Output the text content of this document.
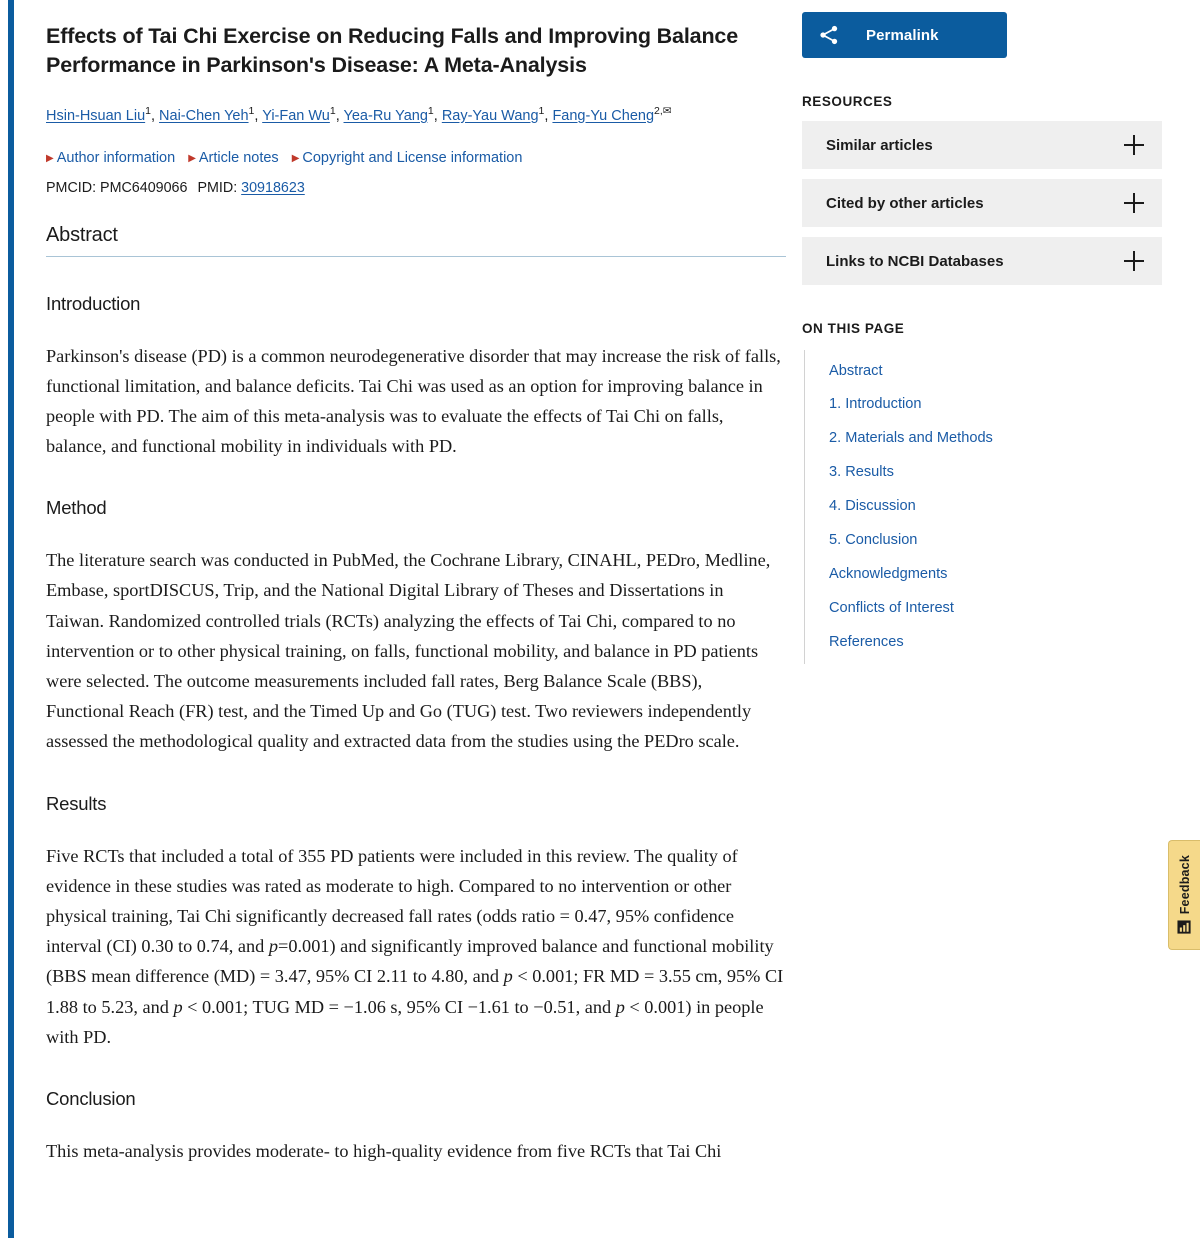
Effects of Tai Chi Exercise on Reducing Falls and Improving Balance Performance in Parkinson's Disease: A Meta-Analysis
Hsin-Hsuan Liu$^1$, Nai-Chen Yeh$^1$, Yi-Fan Wu$^1$, Yea-Ru Yang$^1$, Ray-Yau Wang$^1$, Fang-Yu Cheng$^{2,✉}$
▶ Author information ▶ Article notes ▶ Copyright and License information
PMCID: PMC6409066 PMID: 30918623
Abstract
Introduction

Parkinson's disease (PD) is a common neurodegenerative disorder that may increase the risk of falls, functional limitation, and balance deficits. Tai Chi was used as an option for improving balance in people with PD. The aim of this meta-analysis was to evaluate the effects of Tai Chi on falls, balance, and functional mobility in individuals with PD.

Method

The literature search was conducted in PubMed, the Cochrane Library, CINAHL, PEDro, Medline, Embase, sportDISCUS, Trip, and the National Digital Library of Theses and Dissertations in Taiwan. Randomized controlled trials (RCTs) analyzing the effects of Tai Chi, compared to no intervention or to other physical training, on falls, functional mobility, and balance in PD patients were selected. The outcome measurements included fall rates, Berg Balance Scale (BBS), Functional Reach (FR) test, and the Timed Up and Go (TUG) test. Two reviewers independently assessed the methodological quality and extracted data from the studies using the PEDro scale.

Results

Five RCTs that included a total of 355 PD patients were included in this review. The quality of evidence in these studies was rated as moderate to high. Compared to no intervention or other physical training, Tai Chi significantly decreased fall rates (odds ratio = 0.47, 95% confidence interval (CI) 0.30 to 0.74, and p=0.001) and significantly improved balance and functional mobility (BBS mean difference (MD) = 3.47, 95% CI 2.11 to 4.80, and p < 0.001; FR MD = 3.55 cm, 95% CI 1.88 to 5.23, and p < 0.001; TUG MD = −1.06 s, 95% CI −1.61 to −0.51, and p < 0.001) in people with PD.

Conclusion

This meta-analysis provides moderate- to high-quality evidence from five RCTs that Tai Chi

Permalink
RESOURCES
Similar articles
Cited by other articles
Links to NCBI Databases
ON THIS PAGE
Abstract
1. Introduction
2. Materials and Methods
3. Results
4. Discussion
5. Conclusion
Acknowledgments
Conflicts of Interest
References
Feedback
